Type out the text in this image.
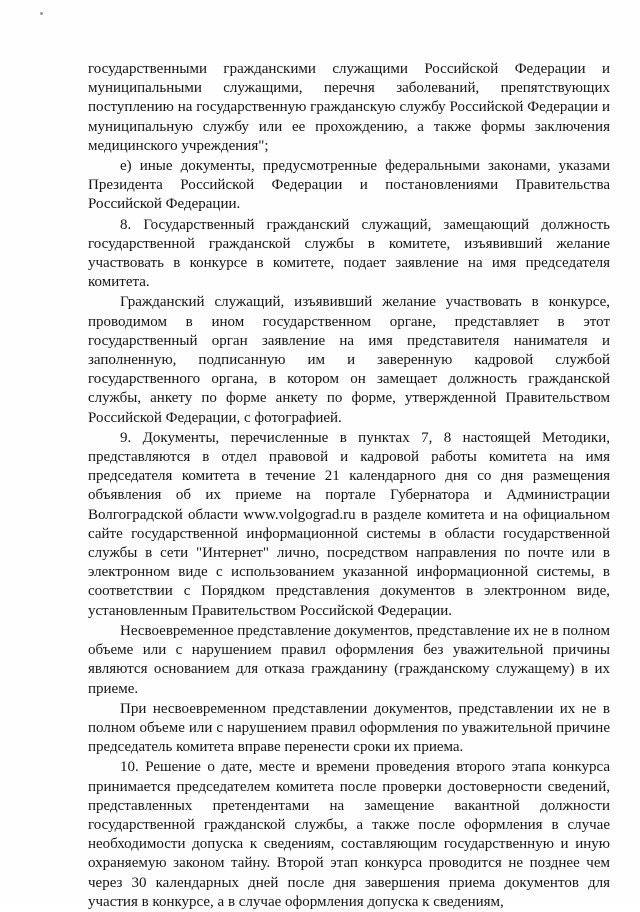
государственными гражданскими служащими Российской Федерации и муниципальными служащими, перечня заболеваний, препятствующих поступлению на государственную гражданскую службу Российской Федерации и муниципальную службу или ее прохождению, а также формы заключения медицинского учреждения";

е) иные документы, предусмотренные федеральными законами, указами Президента Российской Федерации и постановлениями Правительства Российской Федерации.

8. Государственный гражданский служащий, замещающий должность государственной гражданской службы в комитете, изъявивший желание участвовать в конкурсе в комитете, подает заявление на имя председателя комитета.

Гражданский служащий, изъявивший желание участвовать в конкурсе, проводимом в ином государственном органе, представляет в этот государственный орган заявление на имя представителя нанимателя и заполненную, подписанную им и заверенную кадровой службой государственного органа, в котором он замещает должность гражданской службы, анкету по форме анкету по форме, утвержденной Правительством Российской Федерации, с фотографией.

9. Документы, перечисленные в пунктах 7, 8 настоящей Методики, представляются в отдел правовой и кадровой работы комитета на имя председателя комитета в течение 21 календарного дня со дня размещения объявления об их приеме на портале Губернатора и Администрации Волгоградской области www.volgograd.ru в разделе комитета и на официальном сайте государственной информационной системы в области государственной службы в сети "Интернет" лично, посредством направления по почте или в электронном виде с использованием указанной информационной системы, в соответствии с Порядком представления документов в электронном виде, установленным Правительством Российской Федерации.

Несвоевременное представление документов, представление их не в полном объеме или с нарушением правил оформления без уважительной причины являются основанием для отказа гражданину (гражданскому служащему) в их приеме.

При несвоевременном представлении документов, представлении их не в полном объеме или с нарушением правил оформления по уважительной причине председатель комитета вправе перенести сроки их приема.

10. Решение о дате, месте и времени проведения второго этапа конкурса принимается председателем комитета после проверки достоверности сведений, представленных претендентами на замещение вакантной должности государственной гражданской службы, а также после оформления в случае необходимости допуска к сведениям, составляющим государственную и иную охраняемую законом тайну. Второй этап конкурса проводится не позднее чем через 30 календарных дней после дня завершения приема документов для участия в конкурсе, а в случае оформления допуска к сведениям,
